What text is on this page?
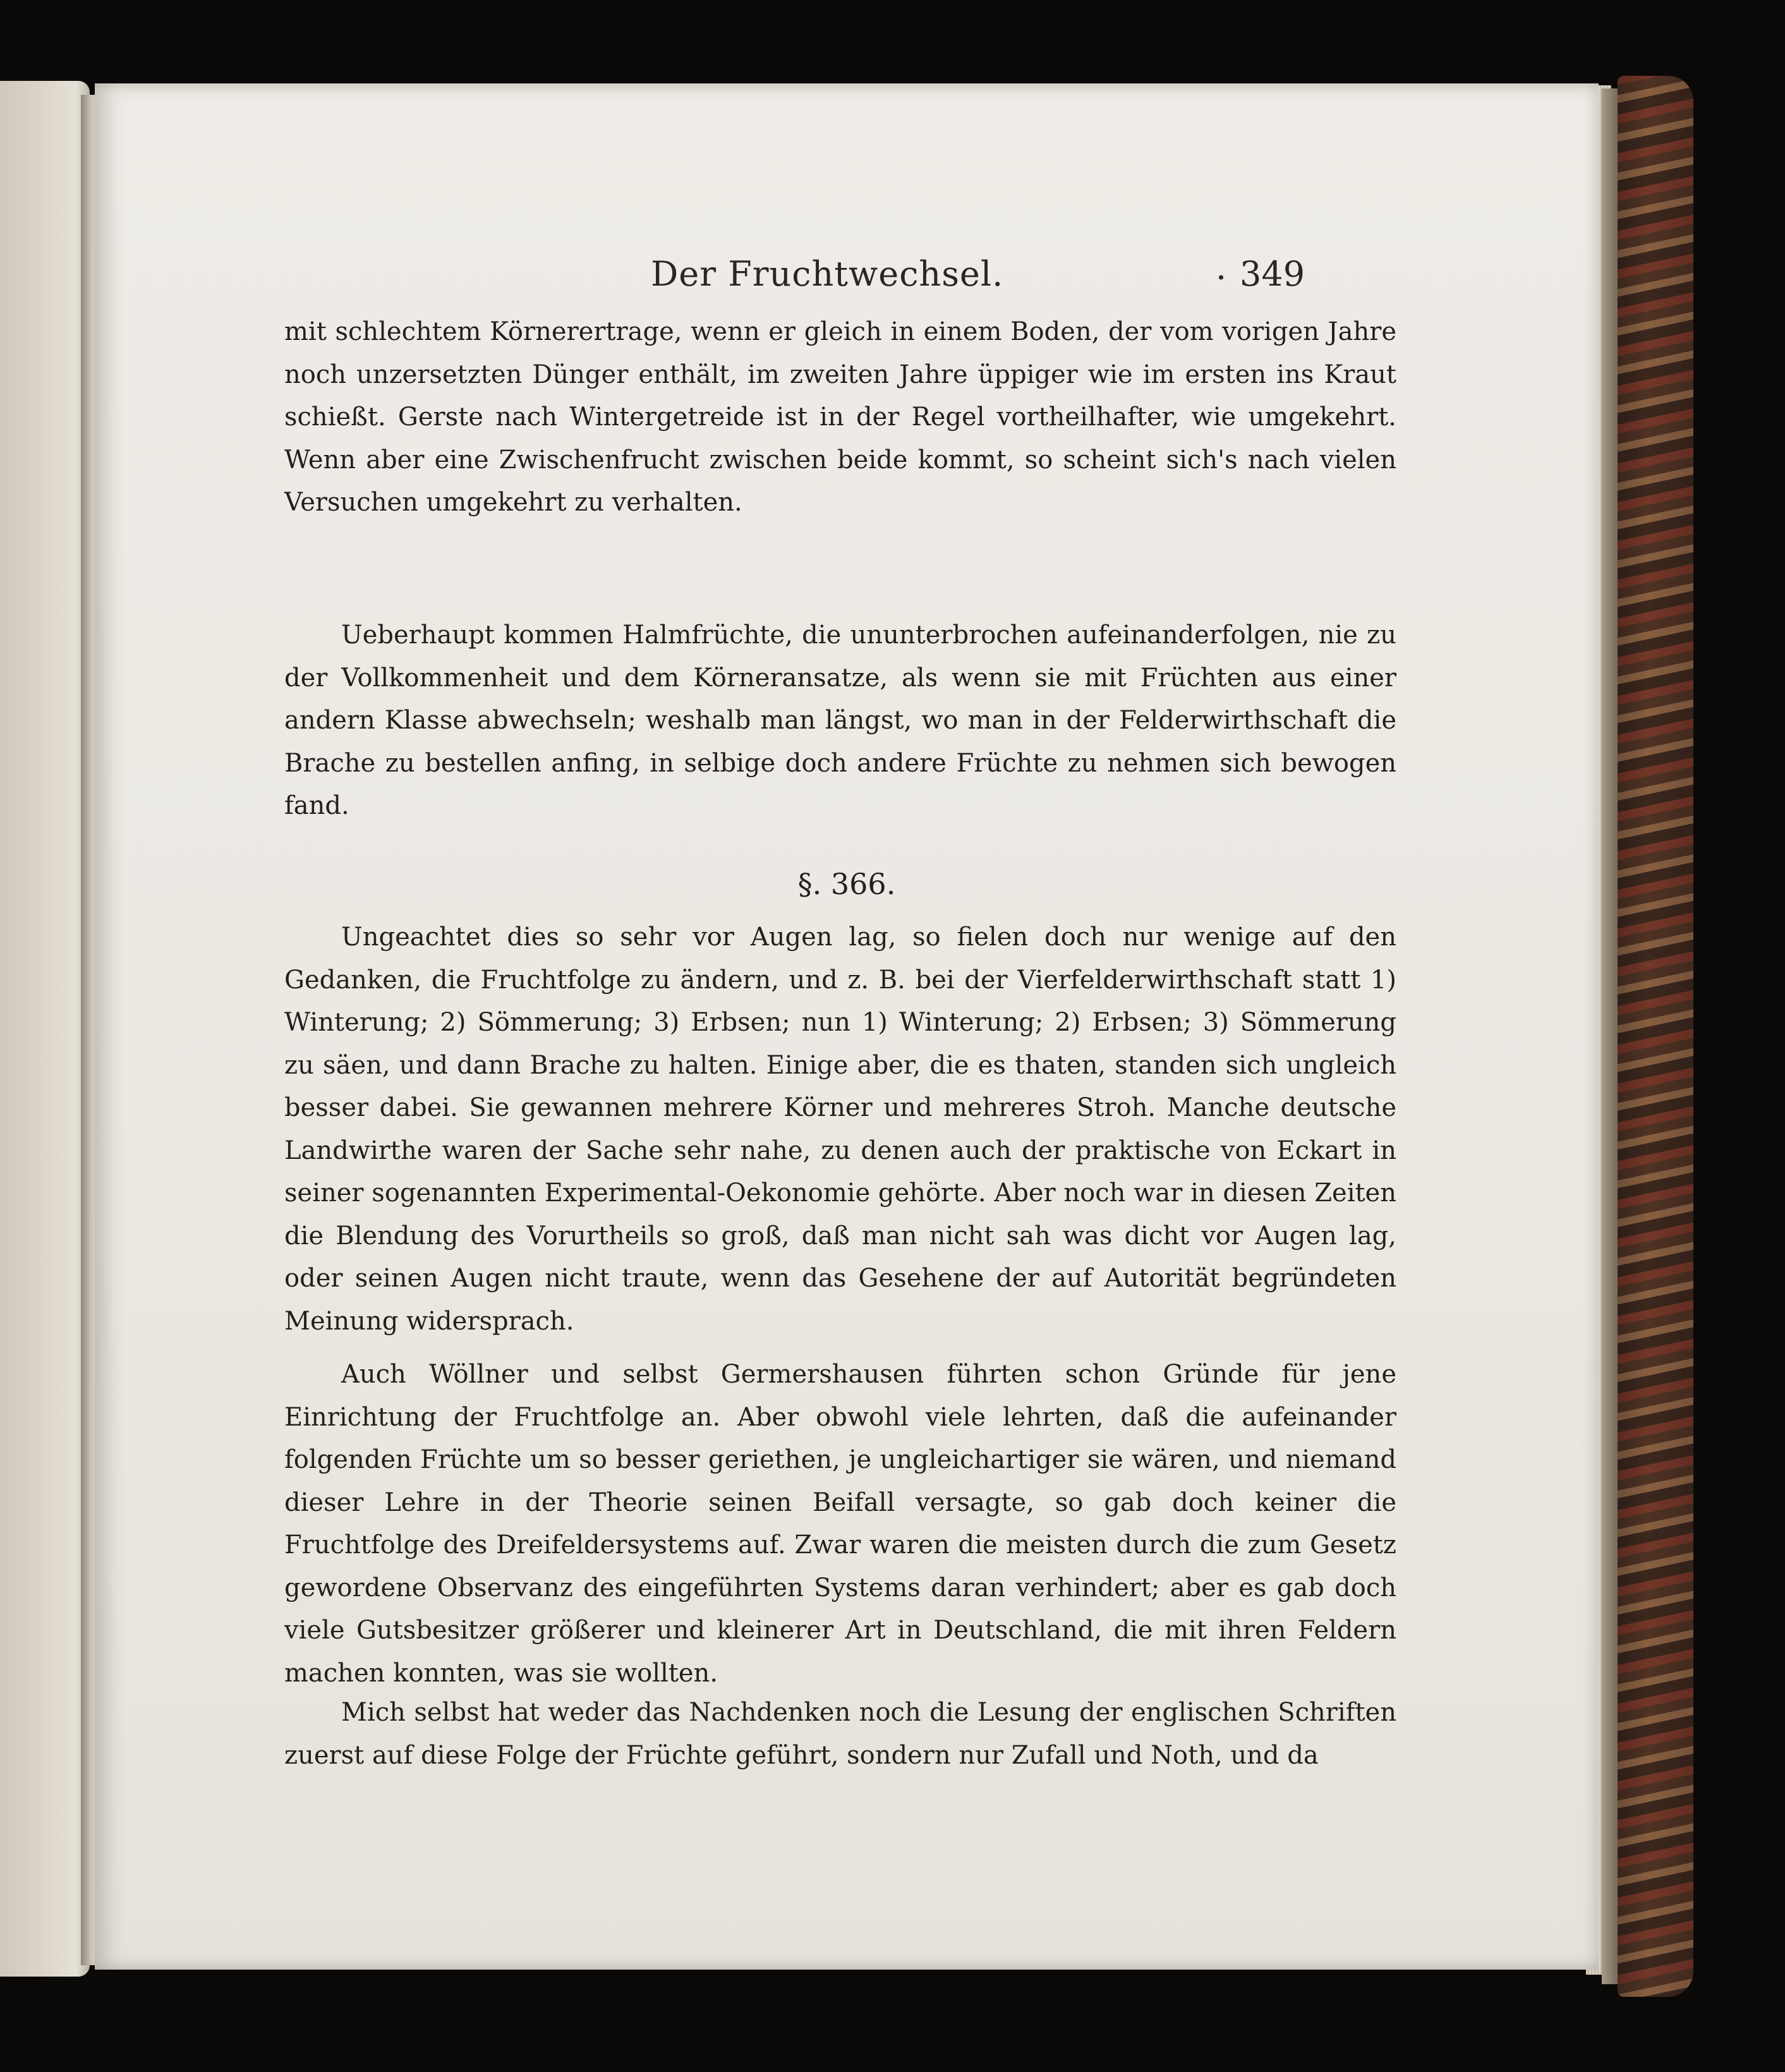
Der Fruchtwechsel.	· 349

mit schlechtem Körnerertrage, wenn er gleich in einem Boden, der vom vorigen Jahre noch unzersetzten Dünger enthält, im zweiten Jahre üppiger wie im ersten ins Kraut schießt. Gerste nach Wintergetreide ist in der Regel vortheilhafter, wie umgekehrt. Wenn aber eine Zwischenfrucht zwischen beide kommt, so scheint sich's nach vielen Versuchen umgekehrt zu verhalten.

Ueberhaupt kommen Halmfrüchte, die ununterbrochen aufeinanderfolgen, nie zu der Vollkommenheit und dem Körneransatze, als wenn sie mit Früchten aus einer andern Klasse abwechseln; weshalb man längst, wo man in der Felderwirthschaft die Brache zu bestellen anfing, in selbige doch andere Früchte zu nehmen sich bewogen fand.

§. 366.

Ungeachtet dies so sehr vor Augen lag, so fielen doch nur wenige auf den Gedanken, die Fruchtfolge zu ändern, und z. B. bei der Vierfelderwirthschaft statt 1) Winterung; 2) Sömmerung; 3) Erbsen; nun 1) Winterung; 2) Erbsen; 3) Sömmerung zu säen, und dann Brache zu halten. Einige aber, die es thaten, standen sich ungleich besser dabei. Sie gewannen mehrere Körner und mehreres Stroh. Manche deutsche Landwirthe waren der Sache sehr nahe, zu denen auch der praktische von Eckart in seiner sogenannten Experimental-Oekonomie gehörte. Aber noch war in diesen Zeiten die Blendung des Vorurtheils so groß, daß man nicht sah was dicht vor Augen lag, oder seinen Augen nicht traute, wenn das Gesehene der auf Autorität begründeten Meinung widersprach.

Auch Wöllner und selbst Germershausen führten schon Gründe für jene Einrichtung der Fruchtfolge an. Aber obwohl viele lehrten, daß die aufeinander folgenden Früchte um so besser geriethen, je ungleichartiger sie wären, und niemand dieser Lehre in der Theorie seinen Beifall versagte, so gab doch keiner die Fruchtfolge des Dreifeldersystems auf. Zwar waren die meisten durch die zum Gesetz gewordene Observanz des eingeführten Systems daran verhindert; aber es gab doch viele Gutsbesitzer größerer und kleinerer Art in Deutschland, die mit ihren Feldern machen konnten, was sie wollten.

Mich selbst hat weder das Nachdenken noch die Lesung der englischen Schriften zuerst auf diese Folge der Früchte geführt, sondern nur Zufall und Noth, und da
